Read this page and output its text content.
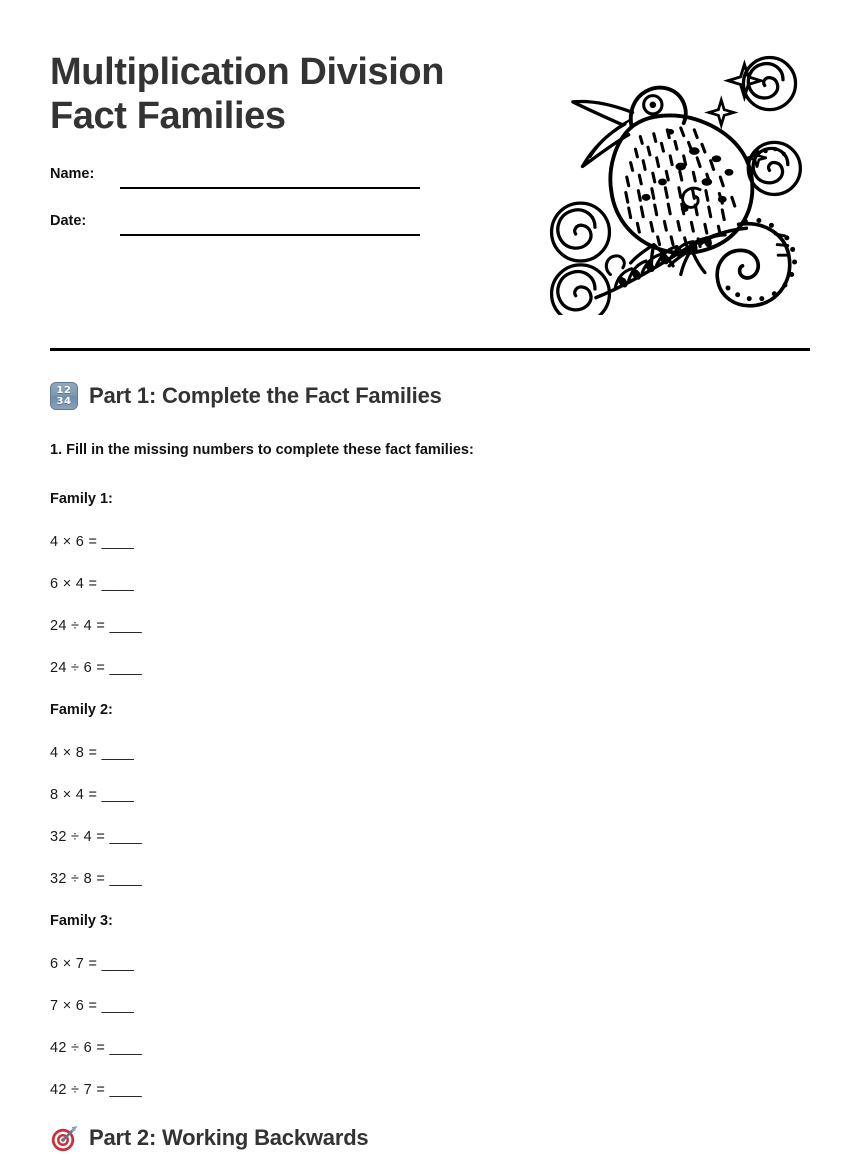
Multiplication Division
Fact Families
Name:
Date:
12
34 Part 1: Complete the Fact Families

1. Fill in the missing numbers to complete these fact families:

Family 1:

4 × 6 = ____

6 × 4 = ____

24 ÷ 4 = ____

24 ÷ 6 = ____

Family 2:

4 × 8 = ____

8 × 4 = ____

32 ÷ 4 = ____

32 ÷ 8 = ____

Family 3:

6 × 7 = ____

7 × 6 = ____

42 ÷ 6 = ____

42 ÷ 7 = ____

Part 2: Working Backwards
